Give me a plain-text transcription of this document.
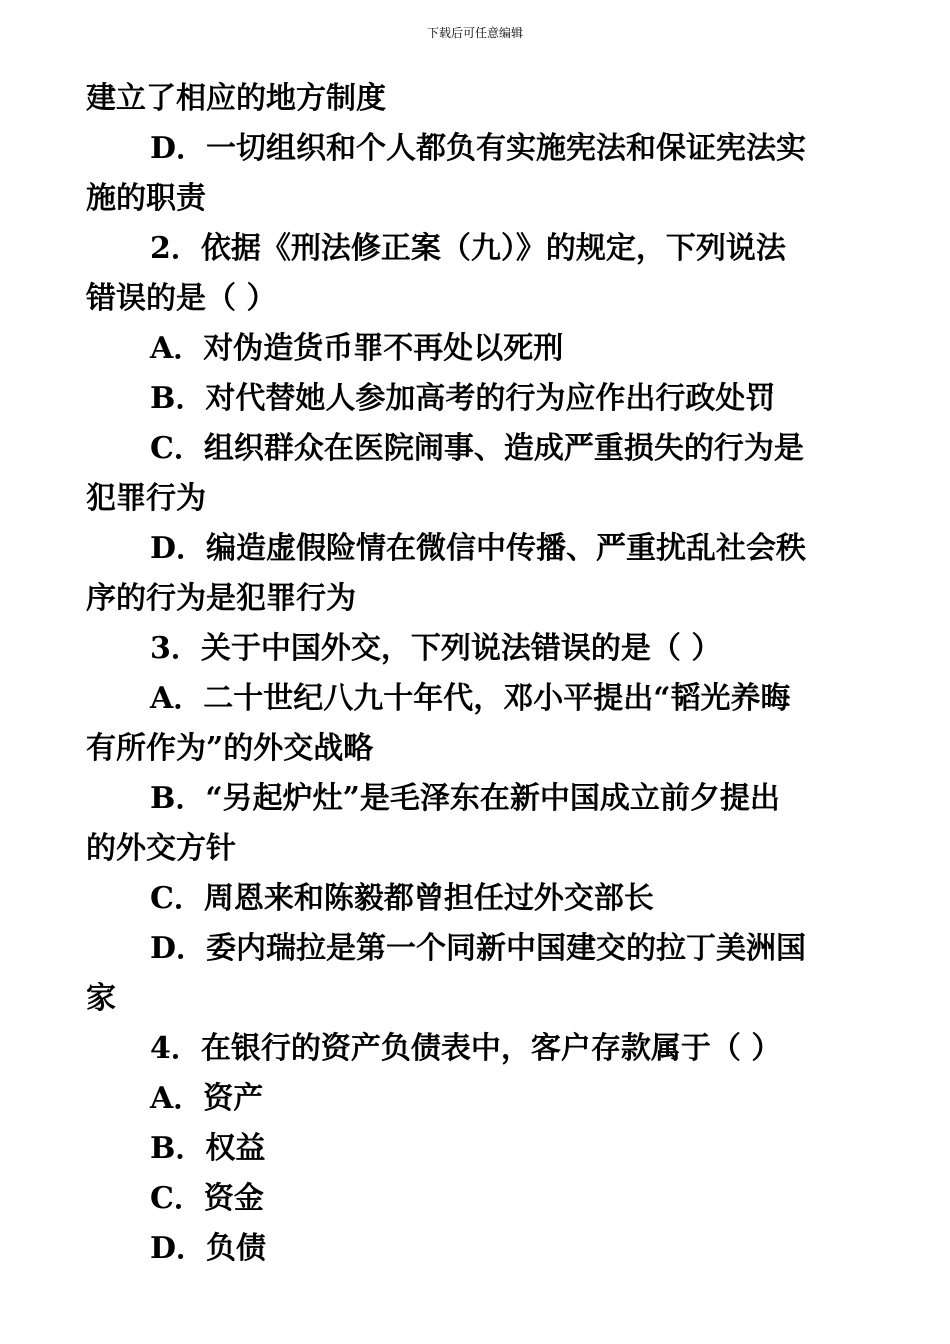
下载后可任意编辑
建立了相应的地方制度
D．一切组织和个人都负有实施宪法和保证宪法实
施的职责
2．依据《刑法修正案（九）》的规定，下列说法
错误的是（ ）
A．对伪造货币罪不再处以死刑
B．对代替她人参加高考的行为应作出行政处罚
C．组织群众在医院闹事、造成严重损失的行为是
犯罪行为
D．编造虚假险情在微信中传播、严重扰乱社会秩
序的行为是犯罪行为
3．关于中国外交，下列说法错误的是（ ）
A．二十世纪八九十年代，邓小平提出“韬光养晦
有所作为”的外交战略
B．“另起炉灶”是毛泽东在新中国成立前夕提出
的外交方针
C．周恩来和陈毅都曾担任过外交部长
D．委内瑞拉是第一个同新中国建交的拉丁美洲国
家
4．在银行的资产负债表中，客户存款属于（ ）
A．资产
B．权益
C．资金
D．负债
